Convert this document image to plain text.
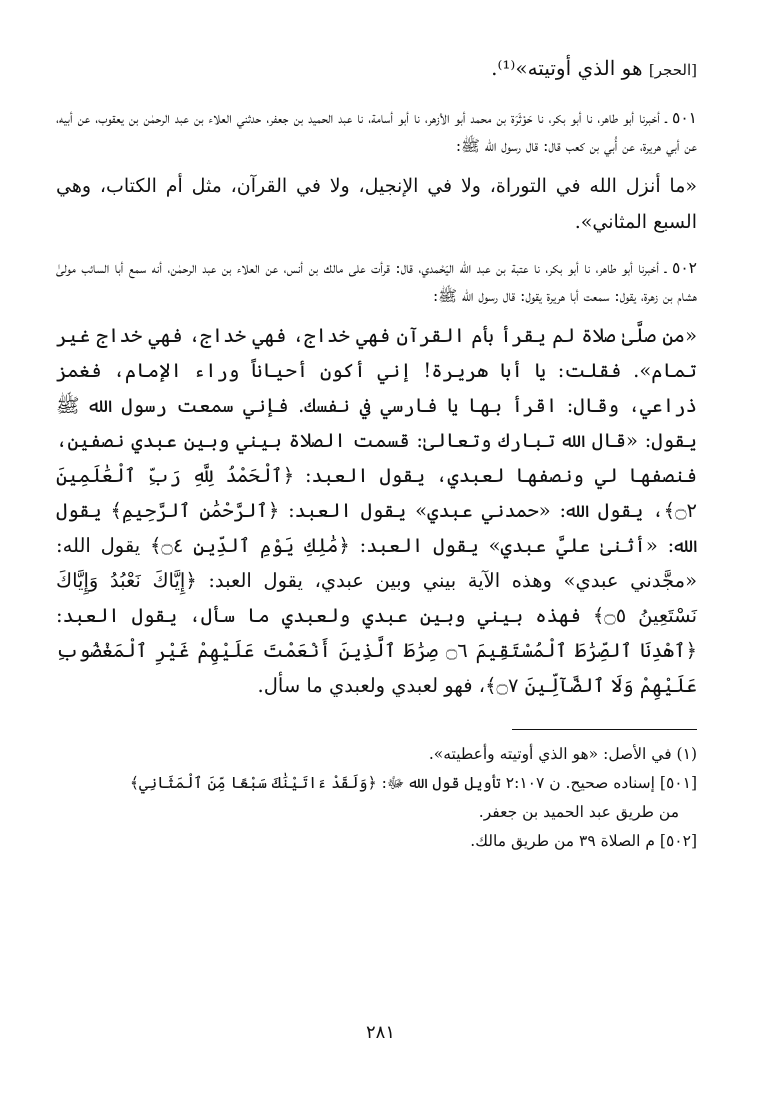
[الحجر] هو الذي أوتيته»⁽¹⁾.

٥٠١ ـ أخبرنا أبو طاهر، نا أبو بكر، نا حَوْثَرَة بن محمد أبو الأزهر، نا أبو أسامة، نا عبد الحميد بن جعفر، حدثني العلاء بن عبد الرحمٰن بن يعقوب، عن أبيه، عن أبي هريرة، عن أُبي بن كعب قال: قال رسول الله ﷺ:

«ما أنزل الله في التوراة، ولا في الإنجيل، ولا في القرآن، مثل أم الكتاب، وهي السبع المثاني».

٥٠٢ ـ أخبرنا أبو طاهر، نا أبو بكر، نا عتبة بن عبد الله اليَحْمدي، قال: قرأت على مالك بن أنس، عن العلاء بن عبد الرحمٰن، أنه سمع أبا السائب مولىٰ هشام بن زهرة، يقول: سمعت أبا هريرة يقول: قال رسول الله ﷺ:

«من صلَّىٰ صلاة لم يقرأ بأم القرآن فهي خداج، فهي خداج، فهي خداج غير تمام». فقلت: يا أبا هريرة! إني أكون أحياناً وراء الإمام، فغمز ذراعي، وقال: اقرأ بها يا فارسي في نفسك. فإني سمعت رسول الله ﷺ يقول: «قال الله تبارك وتعالىٰ: قسمت الصلاة بيني وبين عبدي نصفين، فنصفها لي ونصفها لعبدي، يقول العبد: ﴿ٱلْحَمْدُ لِلَّهِ رَبِّ ٱلْعَٰلَمِينَ ۝٢﴾، يقول الله: «حمدني عبدي» يقول العبد: ﴿ٱلرَّحْمَٰنِ ٱلرَّحِيمِ﴾ يقول الله: «أثنىٰ عليَّ عبدي» يقول العبد: ﴿مَٰلِكِ يَوْمِ ٱلدِّينِ ۝٤﴾ يقول الله: «مجَّدني عبدي» وهذه الآية بيني وبين عبدي، يقول العبد: ﴿إِيَّاكَ نَعْبُدُ وَإِيَّاكَ نَسْتَعِينُ ۝٥﴾ فهذه بيني وبين عبدي ولعبدي ما سأل، يقول العبد: ﴿ٱهْدِنَا ٱلصِّرَٰطَ ٱلْمُسْتَقِيمَ ۝٦ صِرَٰطَ ٱلَّذِينَ أَنْعَمْتَ عَلَيْهِمْ غَيْرِ ٱلْمَغْضُوبِ عَلَيْهِمْ وَلَا ٱلضَّآلِّينَ ۝٧﴾، فهو لعبدي ولعبدي ما سأل.

(١) في الأصل: «هو الذي أوتيته وأعطيته».

[٥٠١] إسناده صحيح. ن ٢:١٠٧ تأويل قول الله ﷻ: ﴿وَلَقَدْ ءَاتَيْنَٰكَ سَبْعًا مِّنَ ٱلْمَثَانِي﴾

من طريق عبد الحميد بن جعفر.

[٥٠٢] م الصلاة ٣٩ من طريق مالك.

٢٨١
